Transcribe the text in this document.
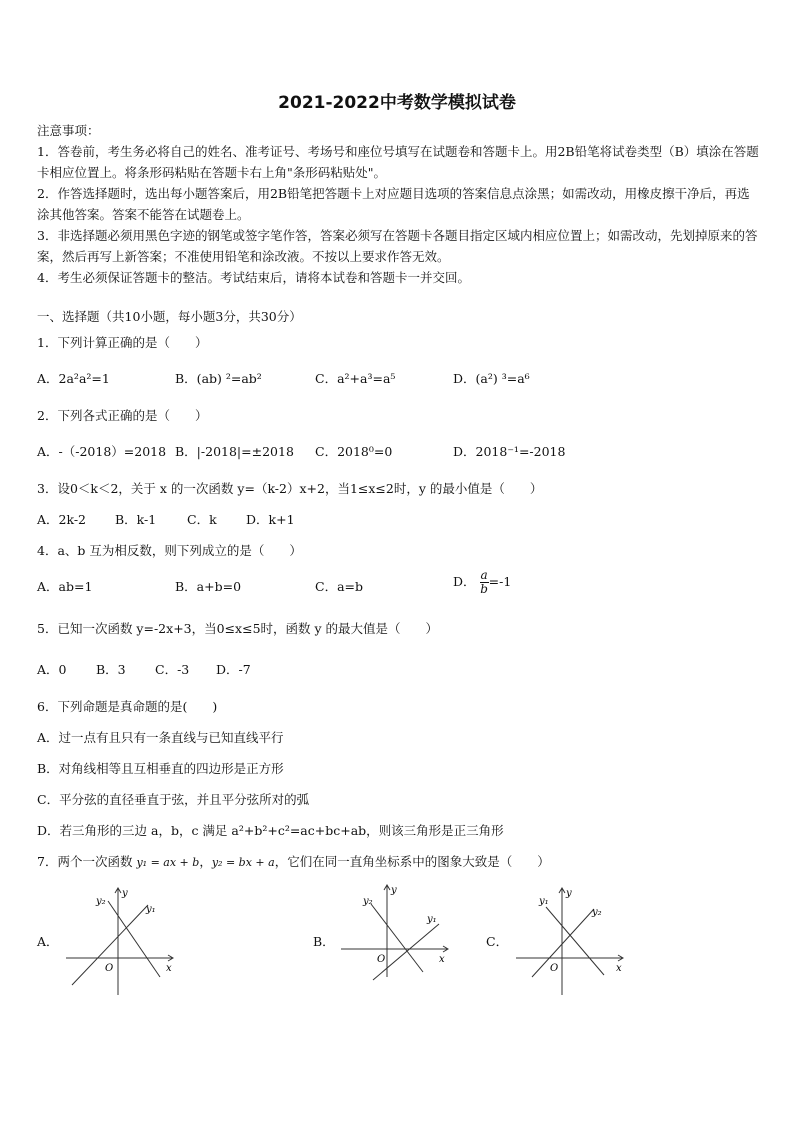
2021-2022中考数学模拟试卷

注意事项：

1．答卷前，考生务必将自己的姓名、准考证号、考场号和座位号填写在试题卷和答题卡上。用2B铅笔将试卷类型（B）填涂在答题卡相应位置上。将条形码粘贴在答题卡右上角"条形码粘贴处"。

2．作答选择题时，选出每小题答案后，用2B铅笔把答题卡上对应题目选项的答案信息点涂黑；如需改动，用橡皮擦干净后，再选涂其他答案。答案不能答在试题卷上。

3．非选择题必须用黑色字迹的钢笔或签字笔作答，答案必须写在答题卡各题目指定区域内相应位置上；如需改动，先划掉原来的答案，然后再写上新答案；不准使用铅笔和涂改液。不按以上要求作答无效。

4．考生必须保证答题卡的整洁。考试结束后，请将本试卷和答题卡一并交回。

一、选择题（共10小题，每小题3分，共30分）
1．下列计算正确的是（　　）
A．2a²a²=1	B．(ab) ²=ab²	C．a²+a³=a⁵	D．(a²) ³=a⁶
2．下列各式正确的是（　　）
A．-（-2018）=2018 B．|-2018|=±2018 C．2018⁰=0	D．2018⁻¹=-2018
3．设0＜k＜2，关于 x 的一次函数 y=（k-2）x+2，当1≤x≤2时，y 的最小值是（　　）
A．2k-2 B．k-1 C．k D．k+1
4．a、b 互为相反数，则下列成立的是（　　）
A．ab=1	B．a+b=0	C．a=b	D． $\frac{a}{b} =-1$
5．已知一次函数 y=-2x+3，当0≤x≤5时，函数 y 的最大值是（　　）
A．0 B．3 C．-3 D．-7
6．下列命题是真命题的是(　　)
A．过一点有且只有一条直线与已知直线平行
B．对角线相等且互相垂直的四边形是正方形
C．平分弦的直径垂直于弦，并且平分弦所对的弧
D．若三角形的三边 a，b，c 满足 a²+b²+c²=ac+bc+ab，则该三角形是正三角形
7．两个一次函数 y₁ = ax + b，y₂ = bx + a，它们在同一直角坐标系中的图象大致是（　　）
A．	B．	C．
y
x
O
y₁
y₂
y
x
O
y₁
y₂
y
x
O
y₁
y₂
